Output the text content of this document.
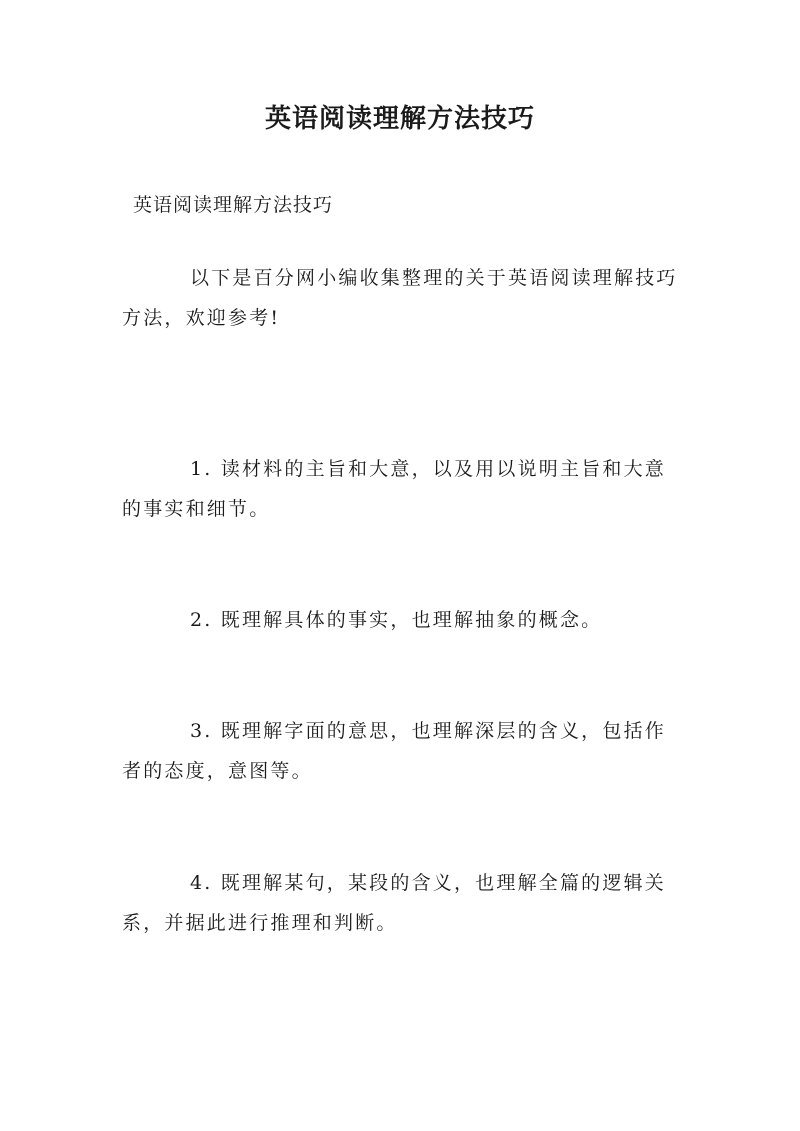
英语阅读理解方法技巧

英语阅读理解方法技巧

以下是百分网小编收集整理的关于英语阅读理解技巧方法，欢迎参考!

1. 读材料的主旨和大意，以及用以说明主旨和大意的事实和细节。

2. 既理解具体的事实，也理解抽象的概念。

3. 既理解字面的意思，也理解深层的含义，包括作者的态度，意图等。

4. 既理解某句，某段的含义，也理解全篇的逻辑关系，并据此进行推理和判断。
